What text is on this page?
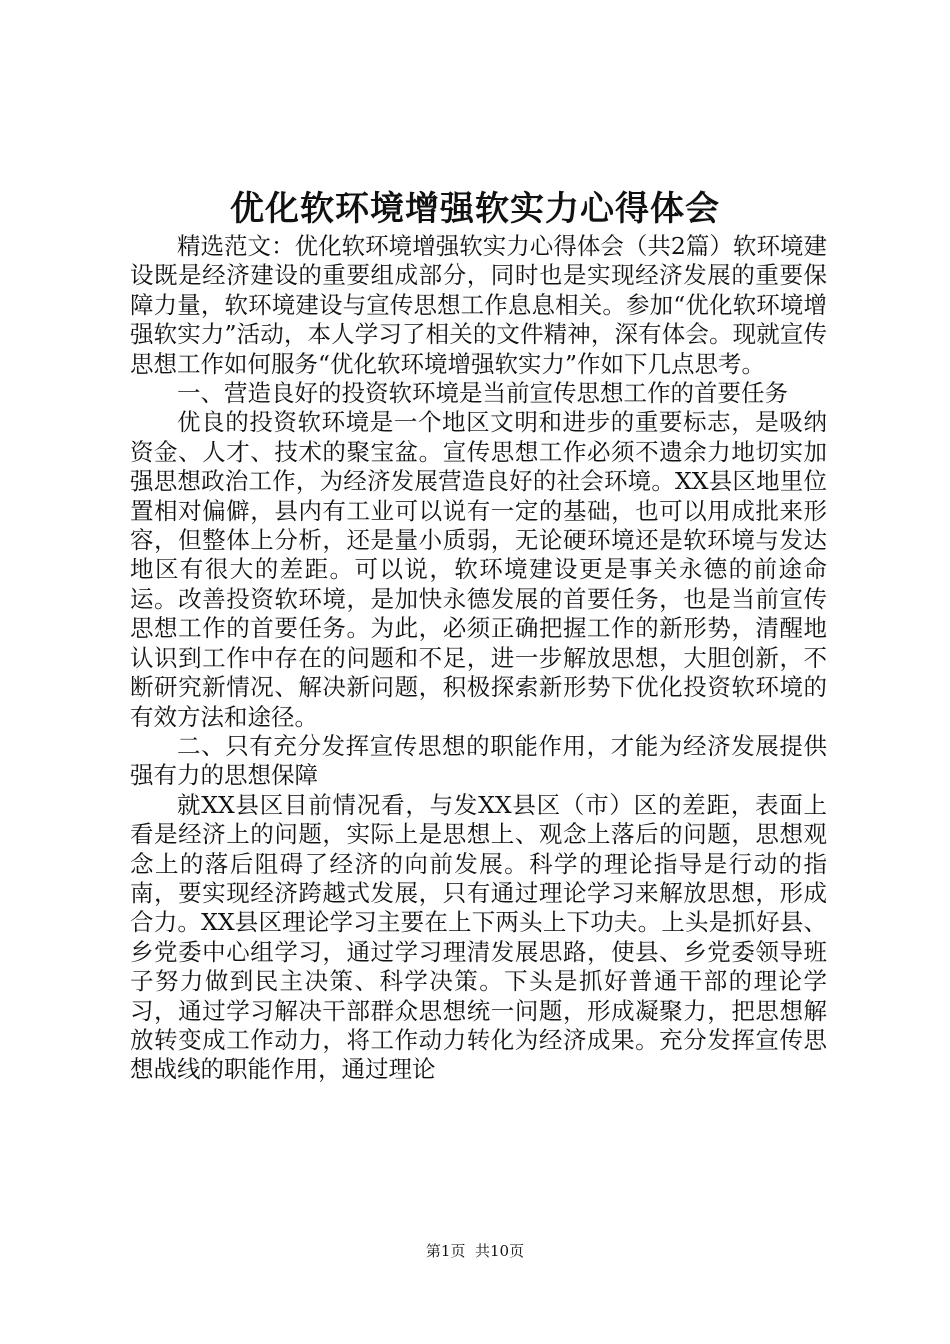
优化软环境增强软实力心得体会

精选范文：优化软环境增强软实力心得体会（共2篇）软环境建设既是经济建设的重要组成部分，同时也是实现经济发展的重要保障力量，软环境建设与宣传思想工作息息相关。参加“优化软环境增强软实力”活动，本人学习了相关的文件精神，深有体会。现就宣传思想工作如何服务“优化软环境增强软实力”作如下几点思考。

一、营造良好的投资软环境是当前宣传思想工作的首要任务

优良的投资软环境是一个地区文明和进步的重要标志，是吸纳资金、人才、技术的聚宝盆。宣传思想工作必须不遗余力地切实加强思想政治工作，为经济发展营造良好的社会环境。XX县区地里位置相对偏僻，县内有工业可以说有一定的基础，也可以用成批来形容，但整体上分析，还是量小质弱，无论硬环境还是软环境与发达地区有很大的差距。可以说，软环境建设更是事关永德的前途命运。改善投资软环境，是加快永德发展的首要任务，也是当前宣传思想工作的首要任务。为此，必须正确把握工作的新形势，清醒地认识到工作中存在的问题和不足，进一步解放思想，大胆创新，不断研究新情况、解决新问题，积极探索新形势下优化投资软环境的有效方法和途径。

二、只有充分发挥宣传思想的职能作用，才能为经济发展提供强有力的思想保障

就XX县区目前情况看，与发XX县区（市）区的差距，表面上看是经济上的问题，实际上是思想上、观念上落后的问题，思想观念上的落后阻碍了经济的向前发展。科学的理论指导是行动的指南，要实现经济跨越式发展，只有通过理论学习来解放思想，形成合力。XX县区理论学习主要在上下两头上下功夫。上头是抓好县、乡党委中心组学习，通过学习理清发展思路，使县、乡党委领导班子努力做到民主决策、科学决策。下头是抓好普通干部的理论学习，通过学习解决干部群众思想统一问题，形成凝聚力，把思想解放转变成工作动力，将工作动力转化为经济成果。充分发挥宣传思想战线的职能作用，通过理论

第1页 共10页
